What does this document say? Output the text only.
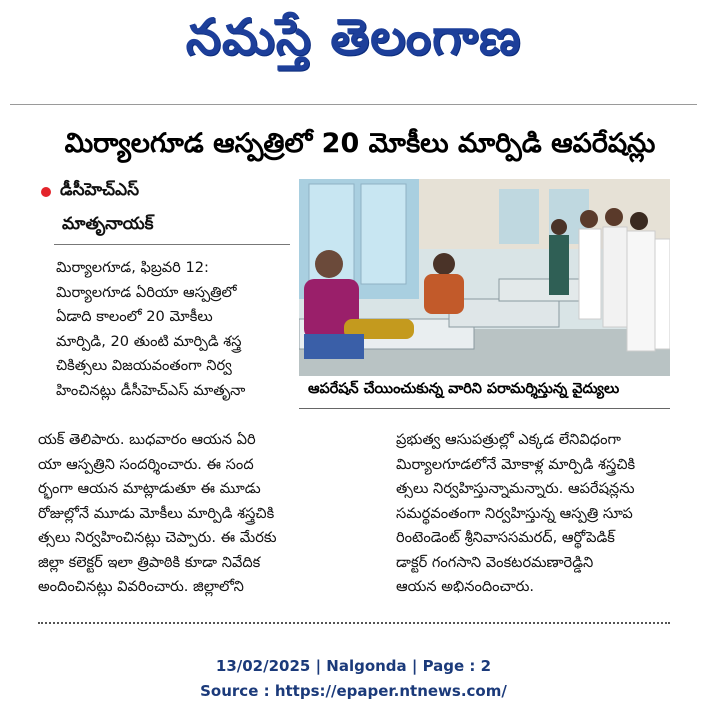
నమస్తే తెలంగాణ
మిర్యాలగూడ ఆస్పత్రిలో 20 మోకీలు మార్పిడి ఆపరేషన్లు
డీసీహెచ్ఎస్
మాతృనాయక్
మిర్యాలగూడ, ఫిబ్రవరి 12:
మిర్యాలగూడ ఏరియా ఆస్పత్రిలో
ఏడాది కాలంలో 20 మోకీలు
మార్పిడి, 20 తుంటి మార్పిడి శస్త్ర
చికిత్సలు విజయవంతంగా నిర్వ
హించినట్లు డీసీహెచ్ఎస్ మాతృనా	ఆపరేషన్ చేయించుకున్న వారిని పరామర్శిస్తున్న వైద్యులు
యక్ తెలిపారు. బుధవారం ఆయన ఏరి
యా ఆస్పత్రిని సందర్శించారు. ఈ సంద
ర్భంగా ఆయన మాట్లాడుతూ ఈ మూడు
రోజుల్లోనే మూడు మోకీలు మార్పిడి శస్త్రచికి
త్సలు నిర్వహించినట్లు చెప్పారు. ఈ మేరకు
జిల్లా కలెక్టర్ ఇలా త్రిపాఠికి కూడా నివేదిక
అందించినట్లు వివరించారు. జిల్లాలోని
ప్రభుత్వ ఆసుపత్రుల్లో ఎక్కడ లేనివిధంగా
మిర్యాలగూడలోనే మోకాళ్ల మార్పిడి శస్త్రచికి
త్సలు నిర్వహిస్తున్నామన్నారు. ఆపరేషన్లను
సమర్థవంతంగా నిర్వహిస్తున్న ఆస్పత్రి సూప
రింటెండెంట్ శ్రీనివాససమరద్, ఆర్థోపెడిక్
డాక్టర్ గంగసాని వెంకటరమణారెడ్డిని
ఆయన అభినందించారు.
13/02/2025 | Nalgonda | Page : 2
Source : https://epaper.ntnews.com/
